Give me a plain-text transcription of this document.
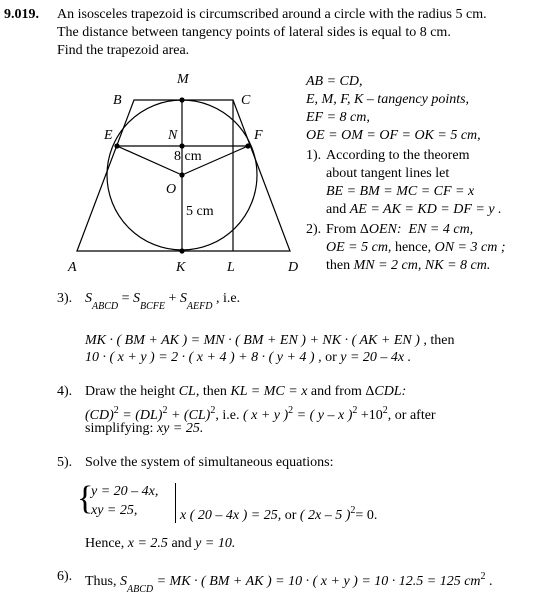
9.019. An isosceles trapezoid is circumscribed around a circle with the radius 5 cm.
The distance between tangency points of lateral sides is equal to 8 cm.
Find the trapezoid area.
M
B	C
E	N	F
O
A	K	L	D
8 cm
5 cm
AB = CD,
E, M, F, K – tangency points,
EF = 8 cm,
OE = OM = OF = OK = 5 cm,
1). According to the theorem
about tangent lines let
BE = BM = MC = CF = x
and AE = AK = KD = DF = y .
2). From ΔOEN: EN = 4 cm,
OE = 5 cm, hence, ON = 3 cm ;
then MN = 2 cm, NK = 8 cm.
3). $S_{ABCD} = S_{BCFE} + S_{AEFD}$ , i.e.
MK · ( BM + AK ) = MN · ( BM + EN ) + NK · ( AK + EN ) , then
10 · ( x + y ) = 2 · ( x + 4 ) + 8 · ( y + 4 ) , or y = 20 – 4x .
4). Draw the height CL, then KL = MC = x and from ΔCDL:
(CD)$^2$ = (DL)$^2$ + (CL)$^2$, i.e. ( x + y )$^2$ = ( y – x )$^2 +10^2$, or after
simplifying: xy = 25.
5). Solve the system of simultaneous equations:
{
y = 20 – 4x,
xy = 25,	x ( 20 – 4x ) = 25, or ( 2x – 5 )$^2$= 0.
Hence, x = 2.5 and y = 10.
6). Thus, $S_{ABCD}$ = MK · ( BM + AK ) = 10 · ( x + y ) = 10 · 12.5 = 125 $cm^2$ .
